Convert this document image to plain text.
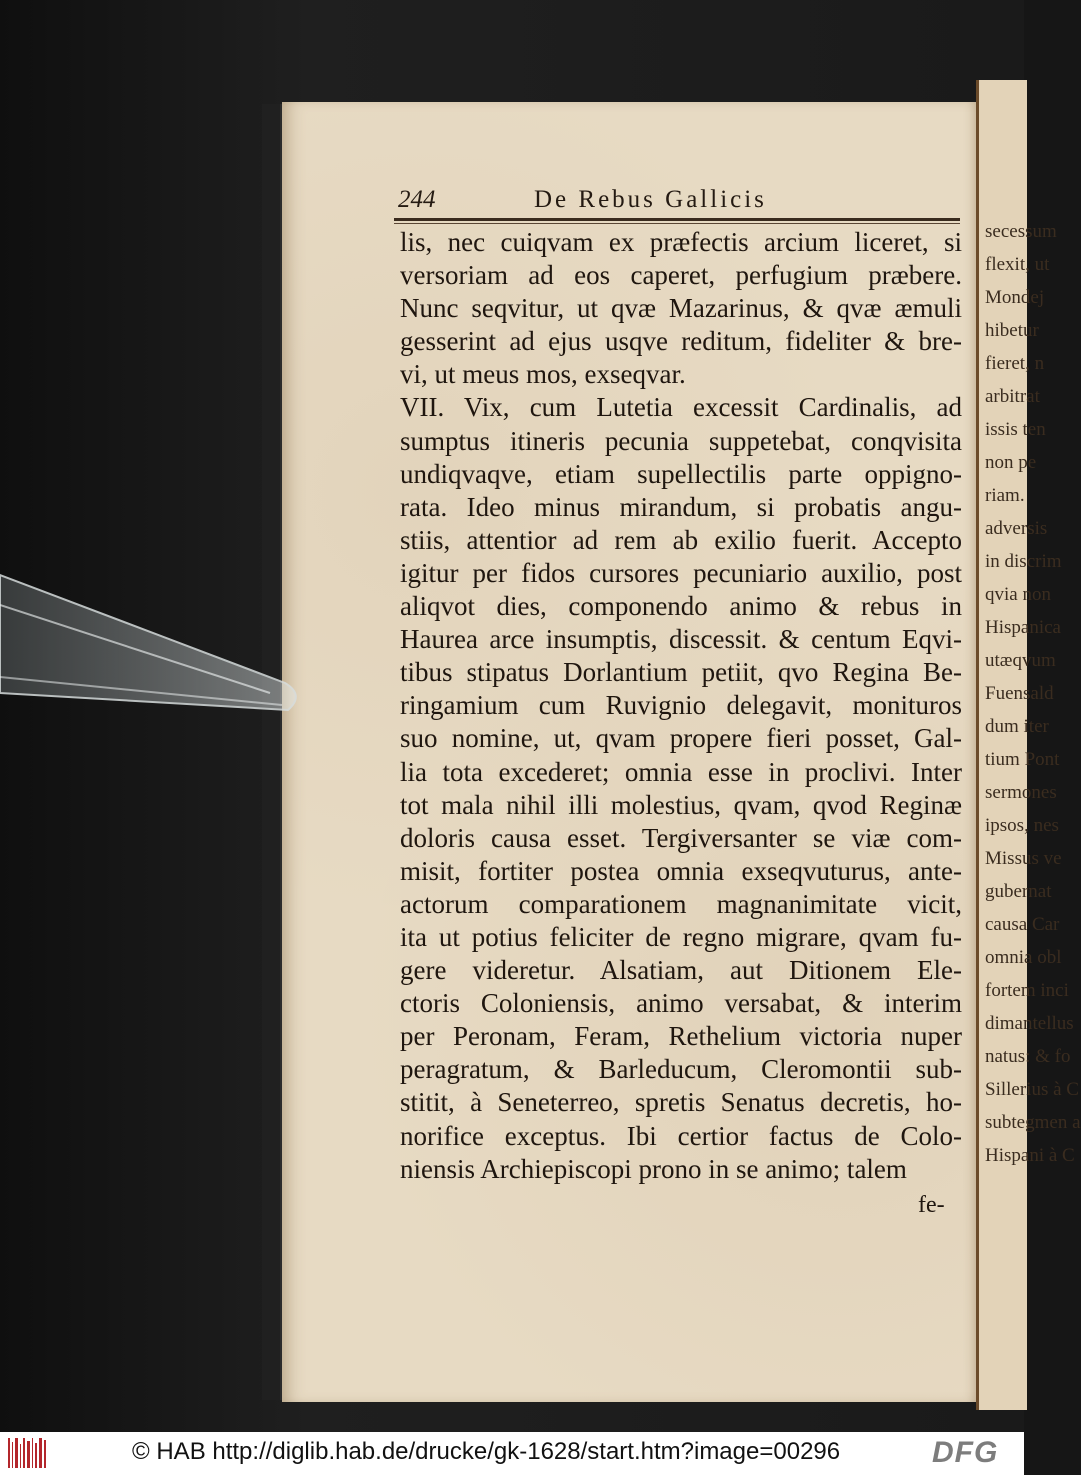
244	De Rebus Gallicis
lis, nec cuiqvam ex præfectis arcium liceret, si
versoriam ad eos caperet, perfugium præbere.
Nunc seqvitur, ut qvæ Mazarinus, & qvæ æmuli
gesserint ad ejus usqve reditum, fideliter & bre-
vi, ut meus mos, exseqvar.
VII. Vix, cum Lutetia excessit Cardinalis, ad
sumptus itineris pecunia suppetebat, conqvisita
undiqvaqve, etiam supellectilis parte oppigno-
rata. Ideo minus mirandum, si probatis angu-
stiis, attentior ad rem ab exilio fuerit. Accepto
igitur per fidos cursores pecuniario auxilio, post
aliqvot dies, componendo animo & rebus in
Haurea arce insumptis, discessit. & centum Eqvi-
tibus stipatus Dorlantium petiit, qvo Regina Be-
ringamium cum Ruvignio delegavit, monituros
suo nomine, ut, qvam propere fieri posset, Gal-
lia tota excederet; omnia esse in proclivi. Inter
tot mala nihil illi molestius, qvam, qvod Reginæ
doloris causa esset. Tergiversanter se viæ com-
misit, fortiter postea omnia exseqvuturus, ante-
actorum comparationem magnanimitate vicit,
ita ut potius feliciter de regno migrare, qvam fu-
gere videretur. Alsatiam, aut Ditionem Ele-
ctoris Coloniensis, animo versabat, & interim
per Peronam, Feram, Rethelium victoria nuper
peragratum, & Barleducum, Cleromontii sub-
stitit, à Seneterreo, spretis Senatus decretis, ho-
norifice exceptus. Ibi certior factus de Colo-
niensis Archiepiscopi prono in se animo; talem
fe-
secessum
flexit, ut
Mondej
hibetur
fieret, n
arbitrat
issis ten
non pe
riam.
adversis
in discrim
qvia non
Hispanica
utæqvum
Fuensald
dum iter
tium Pont
sermones
ipsos, nes
Missus ve
gubernat
causa Car
omnia obl
fortem inci
dimantellus
natus: & fo
Sillerius à C
subtegmen a
Hispani à C
© HAB http://diglib.hab.de/drucke/gk-1628/start.htm?image=00296	DFG
